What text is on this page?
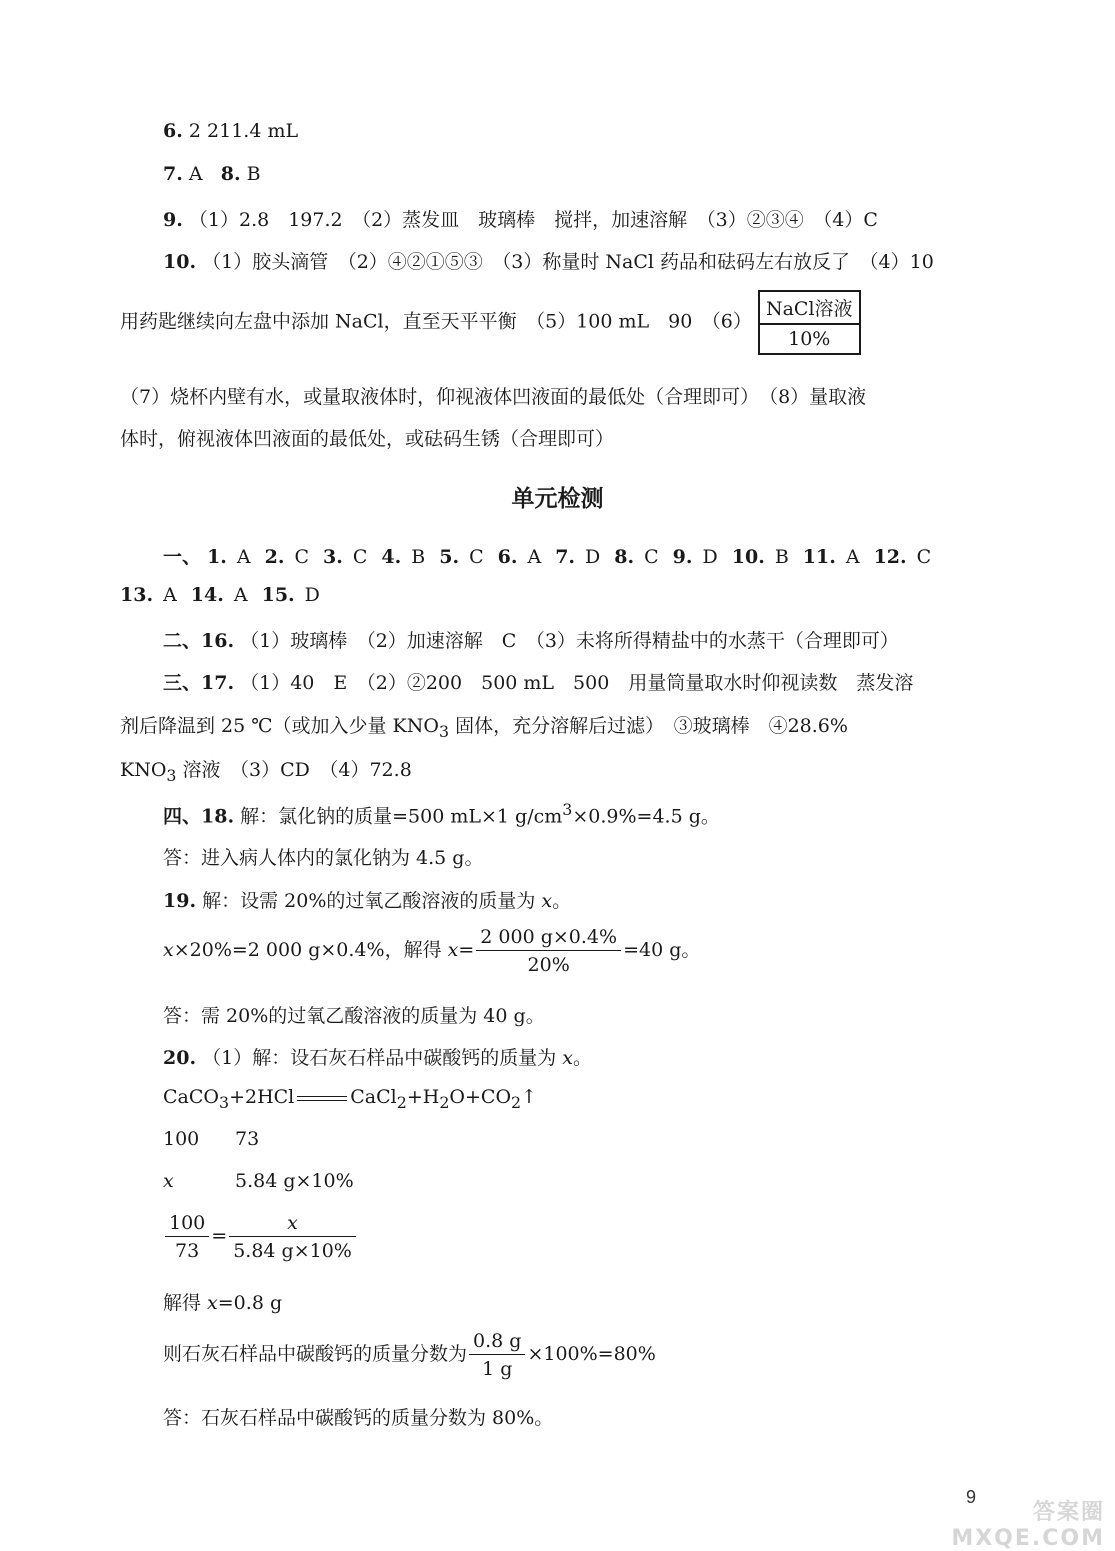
6. 2 211.4 mL
7. A 8. B
9. （1）2.8　197.2　（2）蒸发皿　玻璃棒　搅拌，加速溶解　（3）②③④　（4）C
10. （1）胶头滴管　（2）④②①⑤③　（3）称量时 NaCl 药品和砝码左右放反了　（4）10
用药匙继续向左盘中添加 NaCl，直至天平平衡　（5）100 mL　90　（6）
NaCl溶液
10%
（7）烧杯内壁有水，或量取液体时，仰视液体凹液面的最低处（合理即可）　（8）量取液
体时，俯视液体凹液面的最低处，或砝码生锈（合理即可）
单元检测
一、 1. A 2. C 3. C 4. B 5. C 6. A 7. D 8. C 9. D 10. B 11. A 12. C
13. A 14. A 15. D
二、16. （1）玻璃棒　（2）加速溶解　C　（3）未将所得精盐中的水蒸干（合理即可）
三、17. （1）40　E　（2）②200　500 mL　500　用量筒量取水时仰视读数　蒸发溶
剂后降温到 25 ℃（或加入少量 $KNO_3$ 固体，充分溶解后过滤）　③玻璃棒　④28.6%
$KNO_3$ 溶液　（3）CD　（4）72.8
四、18. 解：氯化钠的质量=500 mL×1 $g/cm^3\times 0.9\%=4.5$ g。
答：进入病人体内的氯化钠为 4.5 g。
19. 解：设需 20%的过氧乙酸溶液的质量为 x。
x×20%=2 000 g×0.4%，解得 $x= \frac{2 000 g\times 0.4\%}{20\%} =40$ g。
答：需 20%的过氧乙酸溶液的质量为 40 g。
20. （1）解：设石灰石样品中碳酸钙的质量为 x。
CaCO$_3$+2HCl	$CaCl_2+H_2O+CO_2↑$
100 73
x	5.84 g×10%
$\frac{100}{73} = \frac{x}{5.84 g\times 10\%}$
解得 x=0.8 g
则石灰石样品中碳酸钙的质量分数为 $\frac{0.8 g}{1 g} \times 100\%=80\%$
答：石灰石样品中碳酸钙的质量分数为 80%。
9
答案圈 MXQE.COM
